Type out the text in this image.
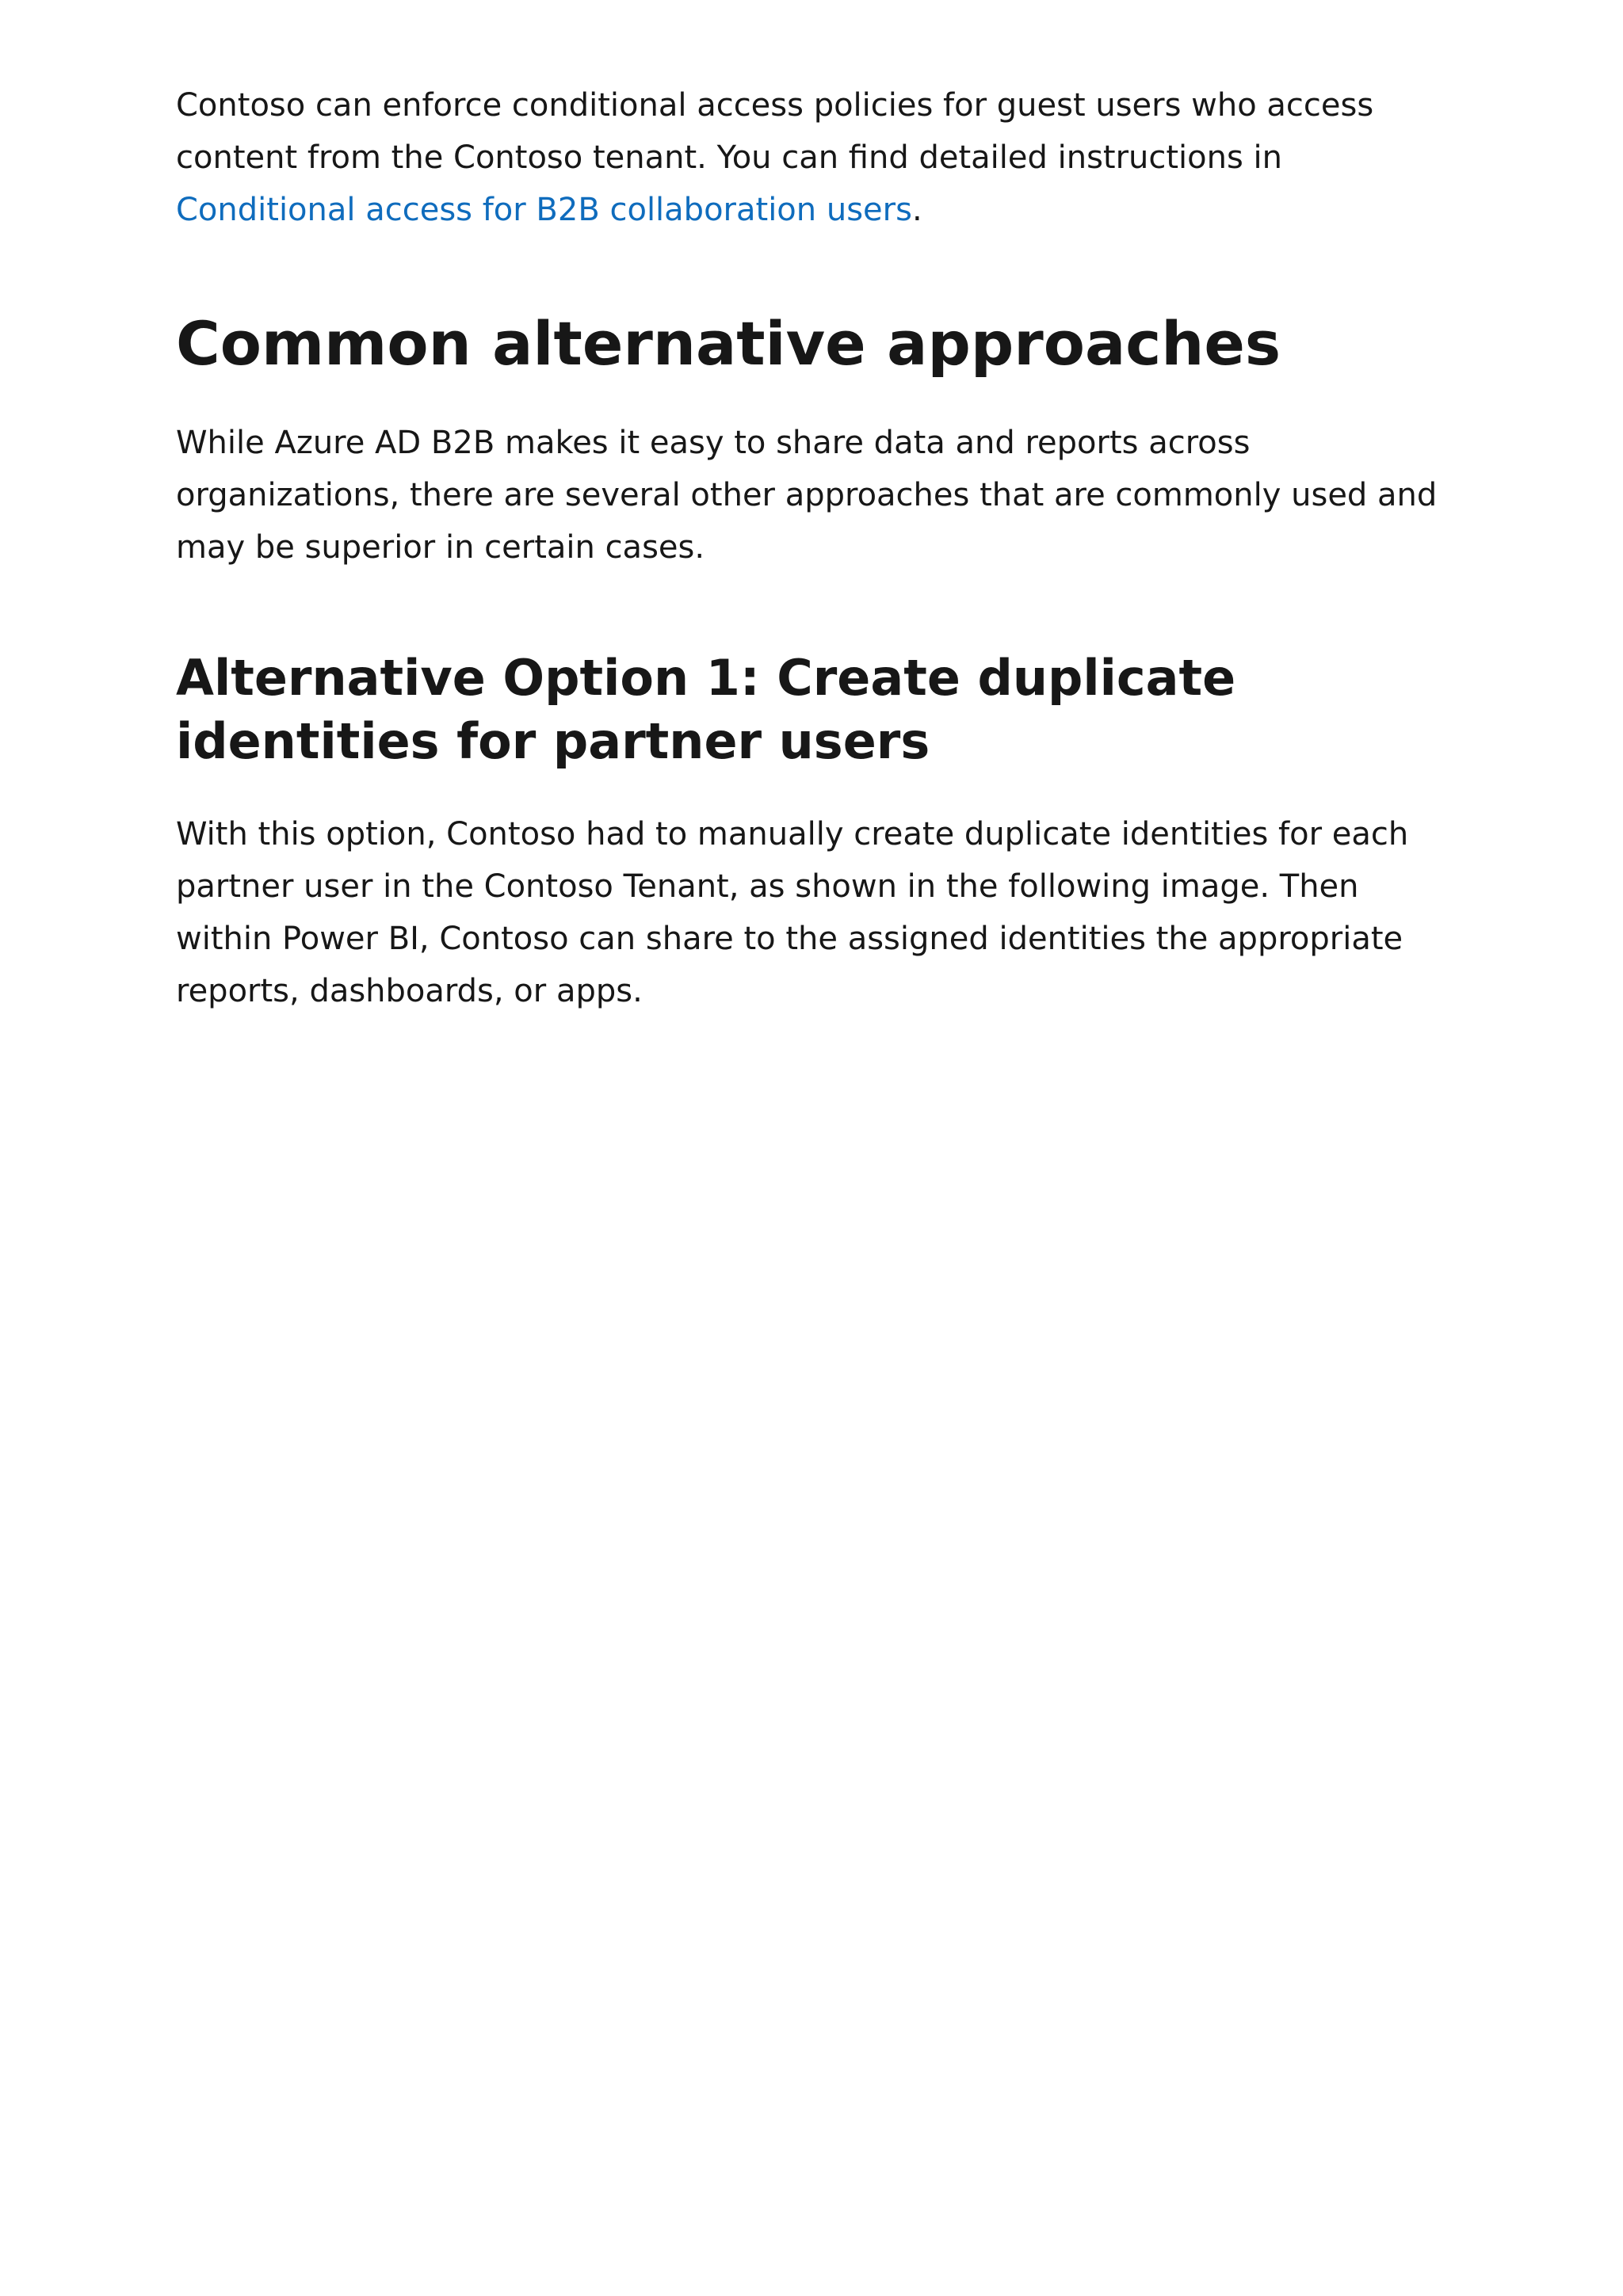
Contoso can enforce conditional access policies for guest users who access content from the Contoso tenant. You can find detailed instructions in Conditional access for B2B collaboration users.

Common alternative approaches

While Azure AD B2B makes it easy to share data and reports across organizations, there are several other approaches that are commonly used and may be superior in certain cases.

Alternative Option 1: Create duplicate identities for partner users

With this option, Contoso had to manually create duplicate identities for each partner user in the Contoso Tenant, as shown in the following image. Then within Power BI, Contoso can share to the assigned identities the appropriate reports, dashboards, or apps.
